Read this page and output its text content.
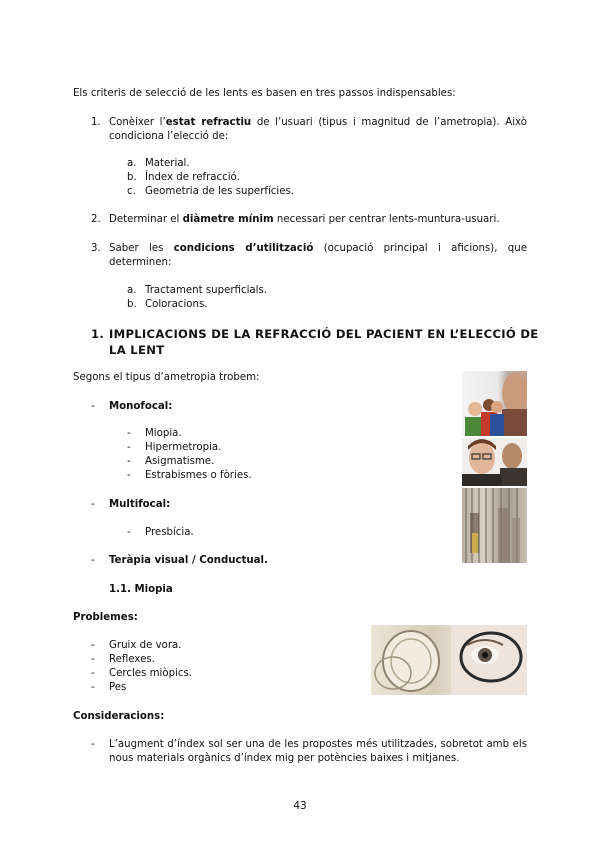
Els criteris de selecció de les lents es basen en tres passos indispensables:
1. Conèixer l’estat refractiu de l’usuari (tipus i magnitud de l’ametropia). Això
condiciona l’elecció de:
a. Material.
b. Índex de refracció.
c. Geometria de les superfícies.
2. Determinar el diàmetre mínim necessari per centrar lents-muntura-usuari.
3. Saber les condicions d’utilització (ocupació principal i aficions), que
determinen:
a. Tractament superficials.
b. Coloracions.
1. IMPLICACIONS DE LA REFRACCIÓ DEL PACIENT EN L’ELECCIÓ DE
LA LENT
Segons el tipus d’ametropia trobem:
- Monofocal:
- Miopia.
- Hipermetropia.
- Asigmatisme.
- Estrabismes o fòries.
- Multifocal:
- Presbícia.
- Teràpia visual / Conductual.
1.1. Miopia
Problemes:
- Gruix de vora.
- Reflexes.
- Cercles miòpics.
- Pes
Consideracions:
- L’augment d’índex sol ser una de les propostes més utilitzades, sobretot amb els
nous materials orgànics d’índex mig per potències baixes i mitjanes.
43
